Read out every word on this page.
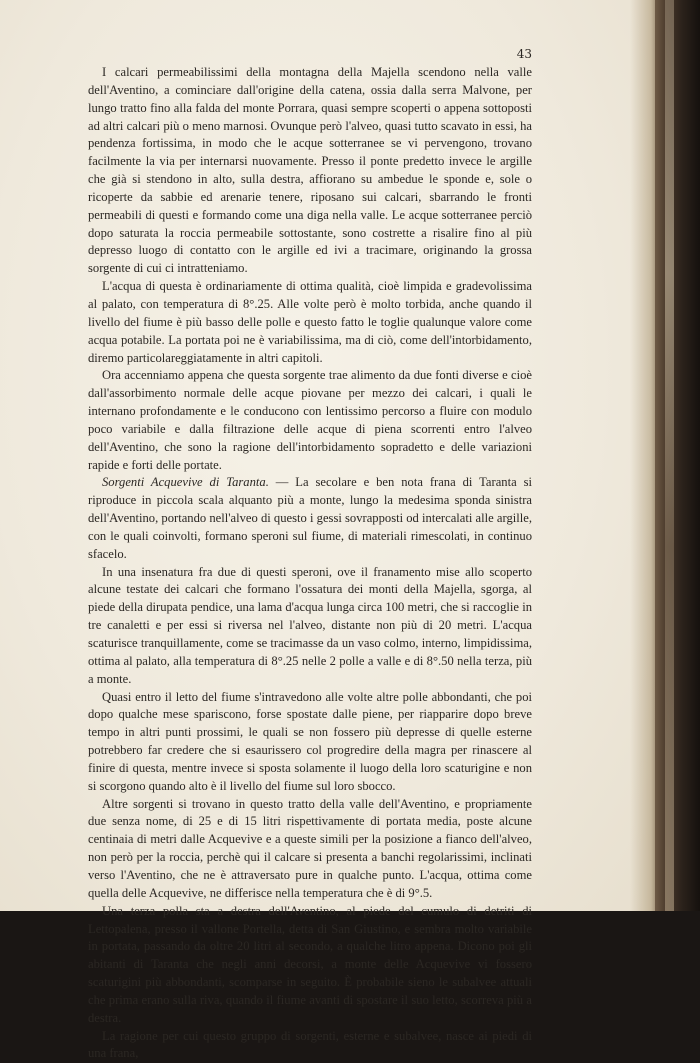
43

I calcari permeabilissimi della montagna della Majella scendono nella valle dell'Aventino, a cominciare dall'origine della catena, ossia dalla serra Malvone, per lungo tratto fino alla falda del monte Porrara, quasi sempre scoperti o appena sottoposti ad altri calcari più o meno marnosi. Ovunque però l'alveo, quasi tutto scavato in essi, ha pendenza fortissima, in modo che le acque sotterranee se vi pervengono, trovano facilmente la via per internarsi nuovamente. Presso il ponte predetto invece le argille che già si stendono in alto, sulla destra, affiorano su ambedue le sponde e, sole o ricoperte da sabbie ed arenarie tenere, riposano sui calcari, sbarrando le fronti permeabili di questi e formando come una diga nella valle. Le acque sotterranee perciò dopo saturata la roccia permeabile sottostante, sono costrette a risalire fino al più depresso luogo di contatto con le argille ed ivi a tracimare, originando la grossa sorgente di cui ci intratteniamo.

L'acqua di questa è ordinariamente di ottima qualità, cioè limpida e gradevolissima al palato, con temperatura di 8°.25. Alle volte però è molto torbida, anche quando il livello del fiume è più basso delle polle e questo fatto le toglie qualunque valore come acqua potabile. La portata poi ne è variabilissima, ma di ciò, come dell'intorbidamento, diremo particolareggiatamente in altri capitoli.

Ora accenniamo appena che questa sorgente trae alimento da due fonti diverse e cioè dall'assorbimento normale delle acque piovane per mezzo dei calcari, i quali le internano profondamente e le conducono con lentissimo percorso a fluire con modulo poco variabile e dalla filtrazione delle acque di piena scorrenti entro l'alveo dell'Aventino, che sono la ragione dell'intorbidamento sopradetto e delle variazioni rapide e forti delle portate.

Sorgenti Acquevive di Taranta. — La secolare e ben nota frana di Taranta si riproduce in piccola scala alquanto più a monte, lungo la medesima sponda sinistra dell'Aventino, portando nell'alveo di questo i gessi sovrapposti od intercalati alle argille, con le quali coinvolti, formano speroni sul fiume, di materiali rimescolati, in continuo sfacelo.

In una insenatura fra due di questi speroni, ove il franamento mise allo scoperto alcune testate dei calcari che formano l'ossatura dei monti della Majella, sgorga, al piede della dirupata pendice, una lama d'acqua lunga circa 100 metri, che si raccoglie in tre canaletti e per essi si riversa nel l'alveo, distante non più di 20 metri. L'acqua scaturisce tranquillamente, come se tracimasse da un vaso colmo, interno, limpidissima, ottima al palato, alla temperatura di 8°.25 nelle 2 polle a valle e di 8°.50 nella terza, più a monte.

Quasi entro il letto del fiume s'intravedono alle volte altre polle abbondanti, che poi dopo qualche mese spariscono, forse spostate dalle piene, per riapparire dopo breve tempo in altri punti prossimi, le quali se non fossero più depresse di quelle esterne potrebbero far credere che si esaurissero col progredire della magra per rinascere al finire di questa, mentre invece si sposta solamente il luogo della loro scaturigine e non si scorgono quando alto è il livello del fiume sul loro sbocco.

Altre sorgenti si trovano in questo tratto della valle dell'Aventino, e propriamente due senza nome, di 25 e di 15 litri rispettivamente di portata media, poste alcune centinaia di metri dalle Acquevive e a queste simili per la posizione a fianco dell'alveo, non però per la roccia, perchè qui il calcare si presenta a banchi regolarissimi, inclinati verso l'Aventino, che ne è attraversato pure in qualche punto. L'acqua, ottima come quella delle Acquevive, ne differisce nella temperatura che è di 9°.5.

Una terza polla sta a destra dell'Aventino, al piede del cumulo di detriti di Lettopalena, presso il vallone Portella, detta di San Giustino, e sembra molto variabile in portata, passando da oltre 20 litri al secondo, a qualche litro appena. Dicono poi gli abitanti di Taranta che negli anni decorsi, a monte delle Acquevive vi fossero scaturigini più abbondanti, scomparse in seguito. È probabile sieno le subalvee attuali che prima erano sulla riva, quando il fiume avanti di spostare il suo letto, scorreva più a destra.

La ragione per cui questo gruppo di sorgenti, esterne e subalvee, nasce ai piedi di una frana,
